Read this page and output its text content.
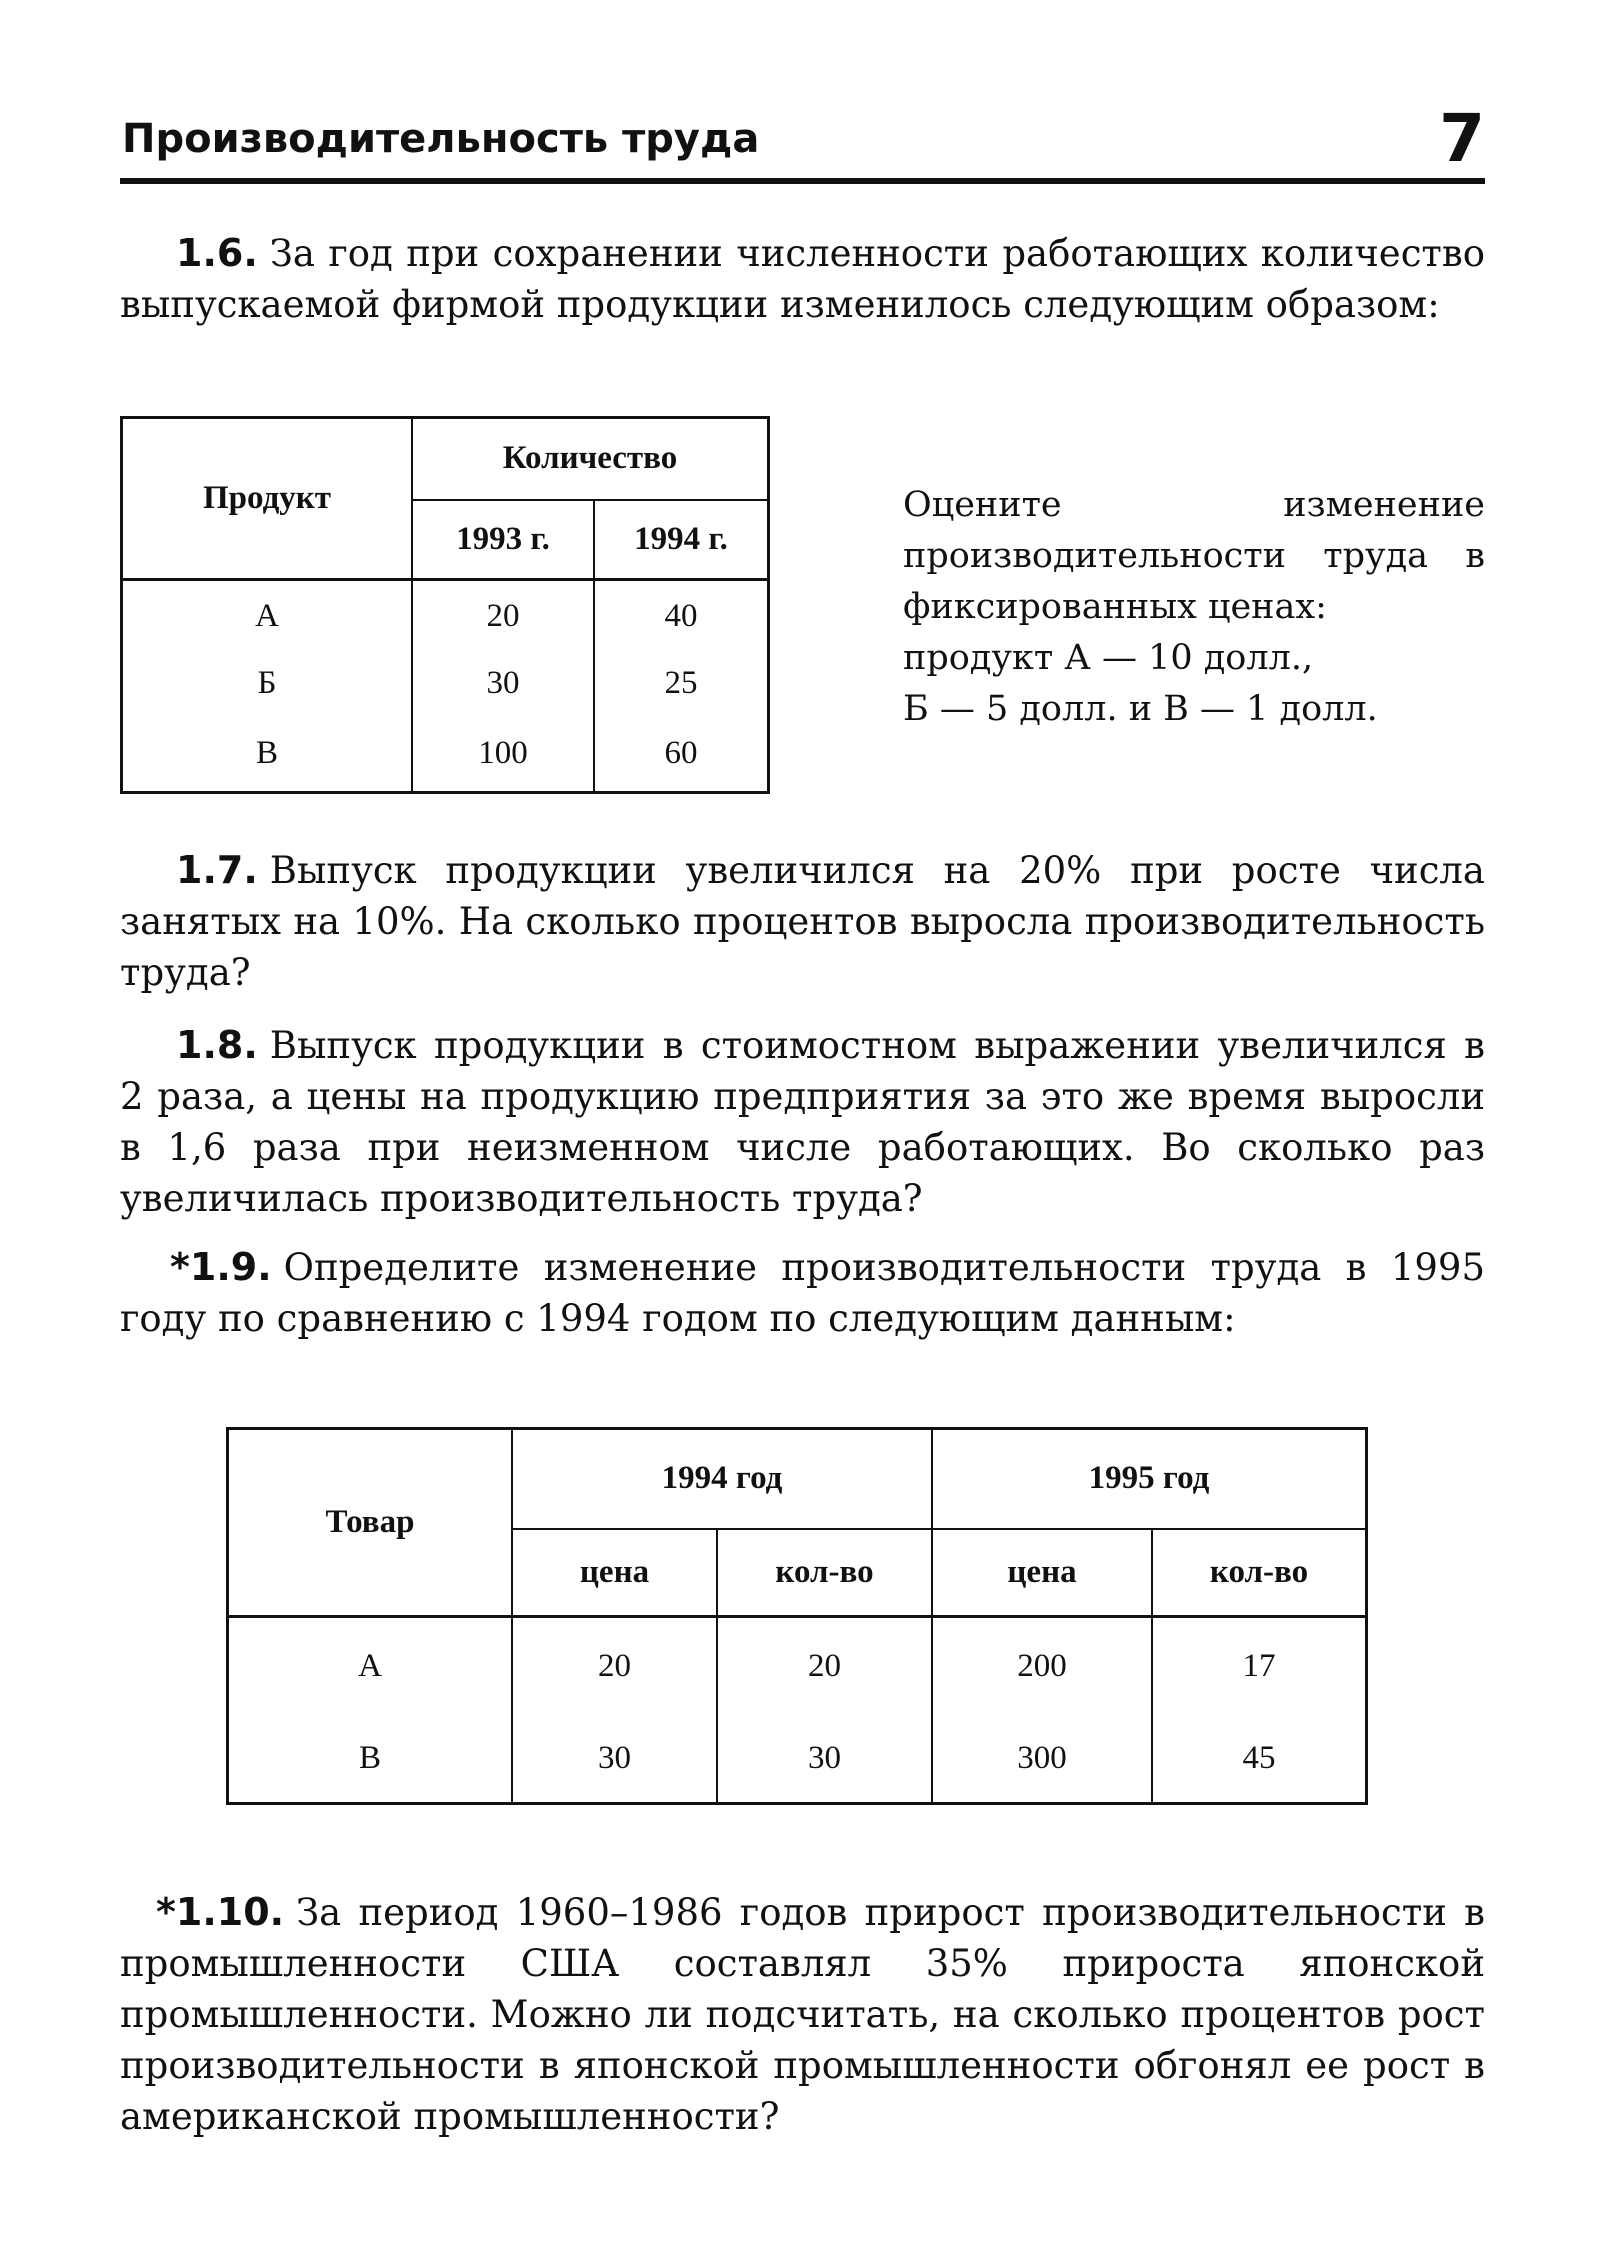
Производительность труда	7
1.6. За год при сохранении численности работающих количество выпускаемой фирмой продукции изменилось следующим образом:
Продукт	Количество	
	1993 г.	1994 г.
А	20	40
Б	30	25
В	100	60
Оцените изменение производительности труда в фиксированных ценах:
продукт А — 10 долл.,
Б — 5 долл. и В — 1 долл.
1.7. Выпуск продукции увеличился на 20% при росте числа занятых на 10%. На сколько процентов выросла производительность труда?
1.8. Выпуск продукции в стоимостном выражении увеличился в 2 раза, а цены на продукцию предприятия за это же время выросли в 1,6 раза при неизменном числе работающих. Во сколько раз увеличилась производительность труда?
*1.9. Определите изменение производительности труда в 1995 году по сравнению с 1994 годом по следующим данным:
Товар	1994 год		1995 год	
	цена	кол-во	цена	кол-во
А	20	20	200	17
В	30	30	300	45
*1.10. За период 1960–1986 годов прирост производительности в промышленности США составлял 35% прироста японской промышленности. Можно ли подсчитать, на сколько процентов рост производительности в японской промышленности обгонял ее рост в американской промышленности?
